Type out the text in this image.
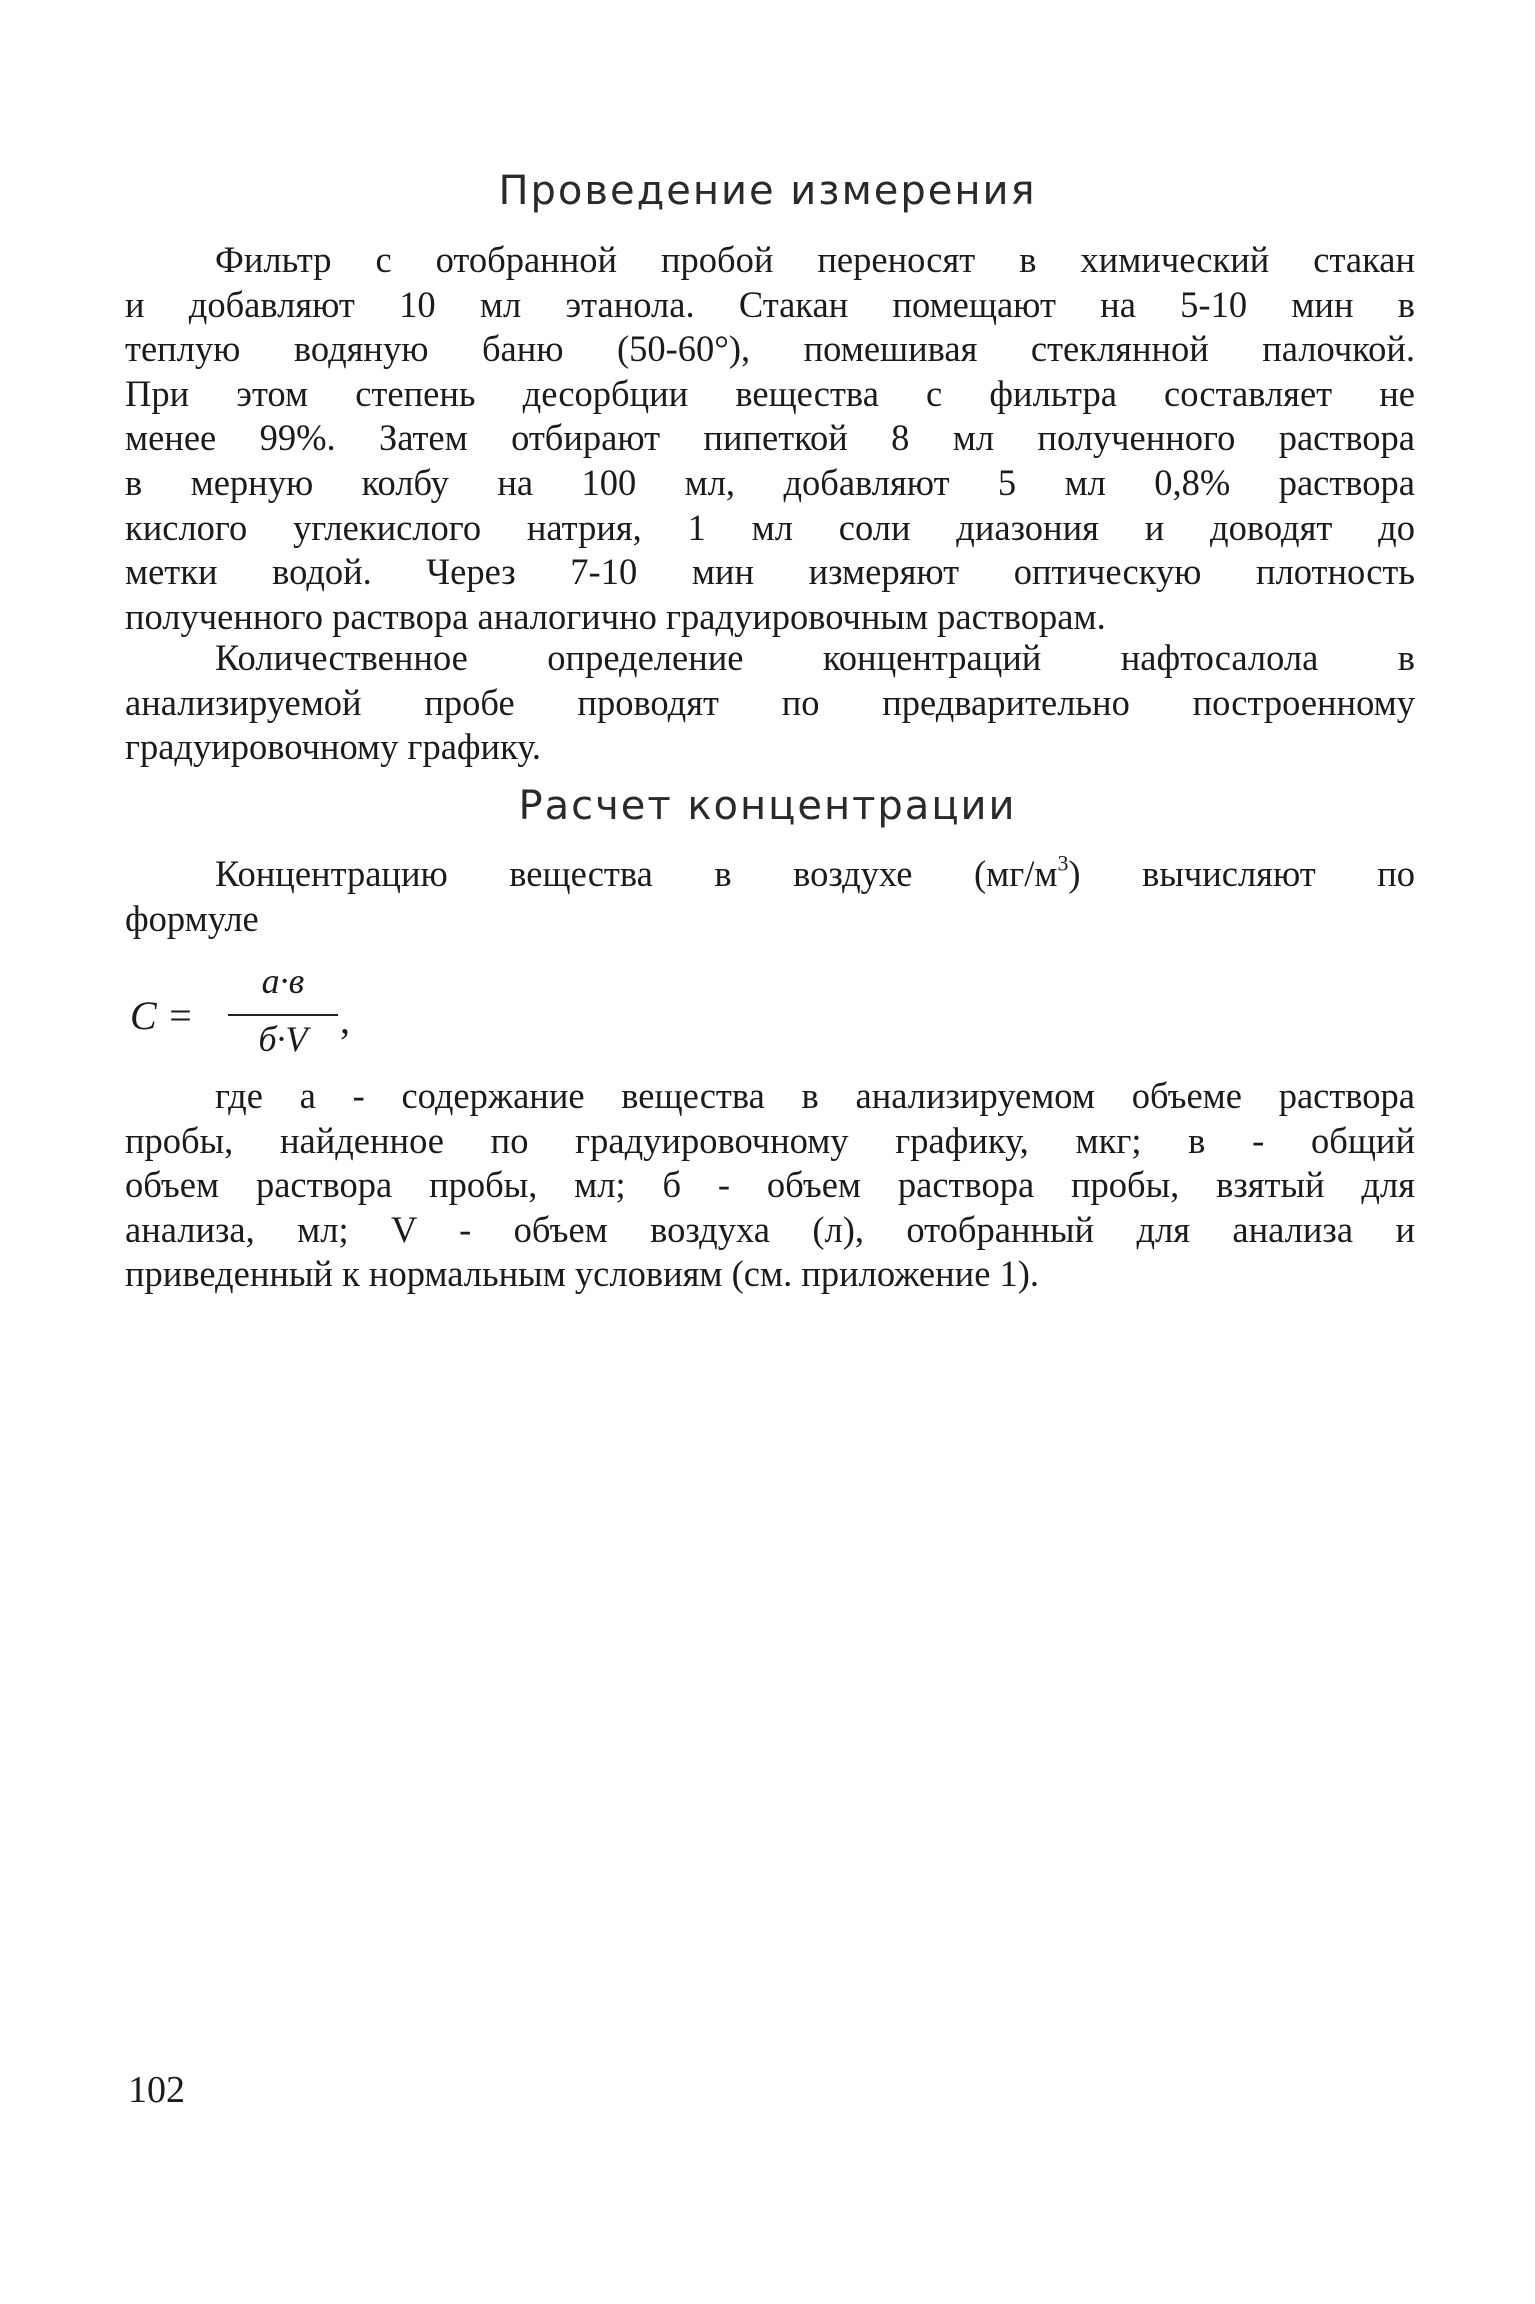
Проведение измерения
Фильтр с отобранной пробой переносят в химический стакан
и добавляют 10 мл этанола. Стакан помещают на 5-10 мин в
теплую водяную баню (50-60°), помешивая стеклянной палочкой.
При этом степень десорбции вещества с фильтра составляет не
менее 99%. Затем отбирают пипеткой 8 мл полученного раствора
в мерную колбу на 100 мл, добавляют 5 мл 0,8% раствора
кислого углекислого натрия, 1 мл соли диазония и доводят до
метки водой. Через 7-10 мин измеряют оптическую плотность
полученного раствора аналогично градуировочным растворам.
Количественное определение концентраций нафтосалола в
анализируемой пробе проводят по предварительно построенному
градуировочному графику.
Расчет концентрации
Концентрацию вещества в воздухе $(мг/м^3)$ вычисляют по
формуле
C =
а·в
б·V ,
где а - содержание вещества в анализируемом объеме раствора
пробы, найденное по градуировочному графику, мкг; в - общий
объем раствора пробы, мл; б - объем раствора пробы, взятый для
анализа, мл; V - объем воздуха (л), отобранный для анализа и
приведенный к нормальным условиям (см. приложение 1).
102
